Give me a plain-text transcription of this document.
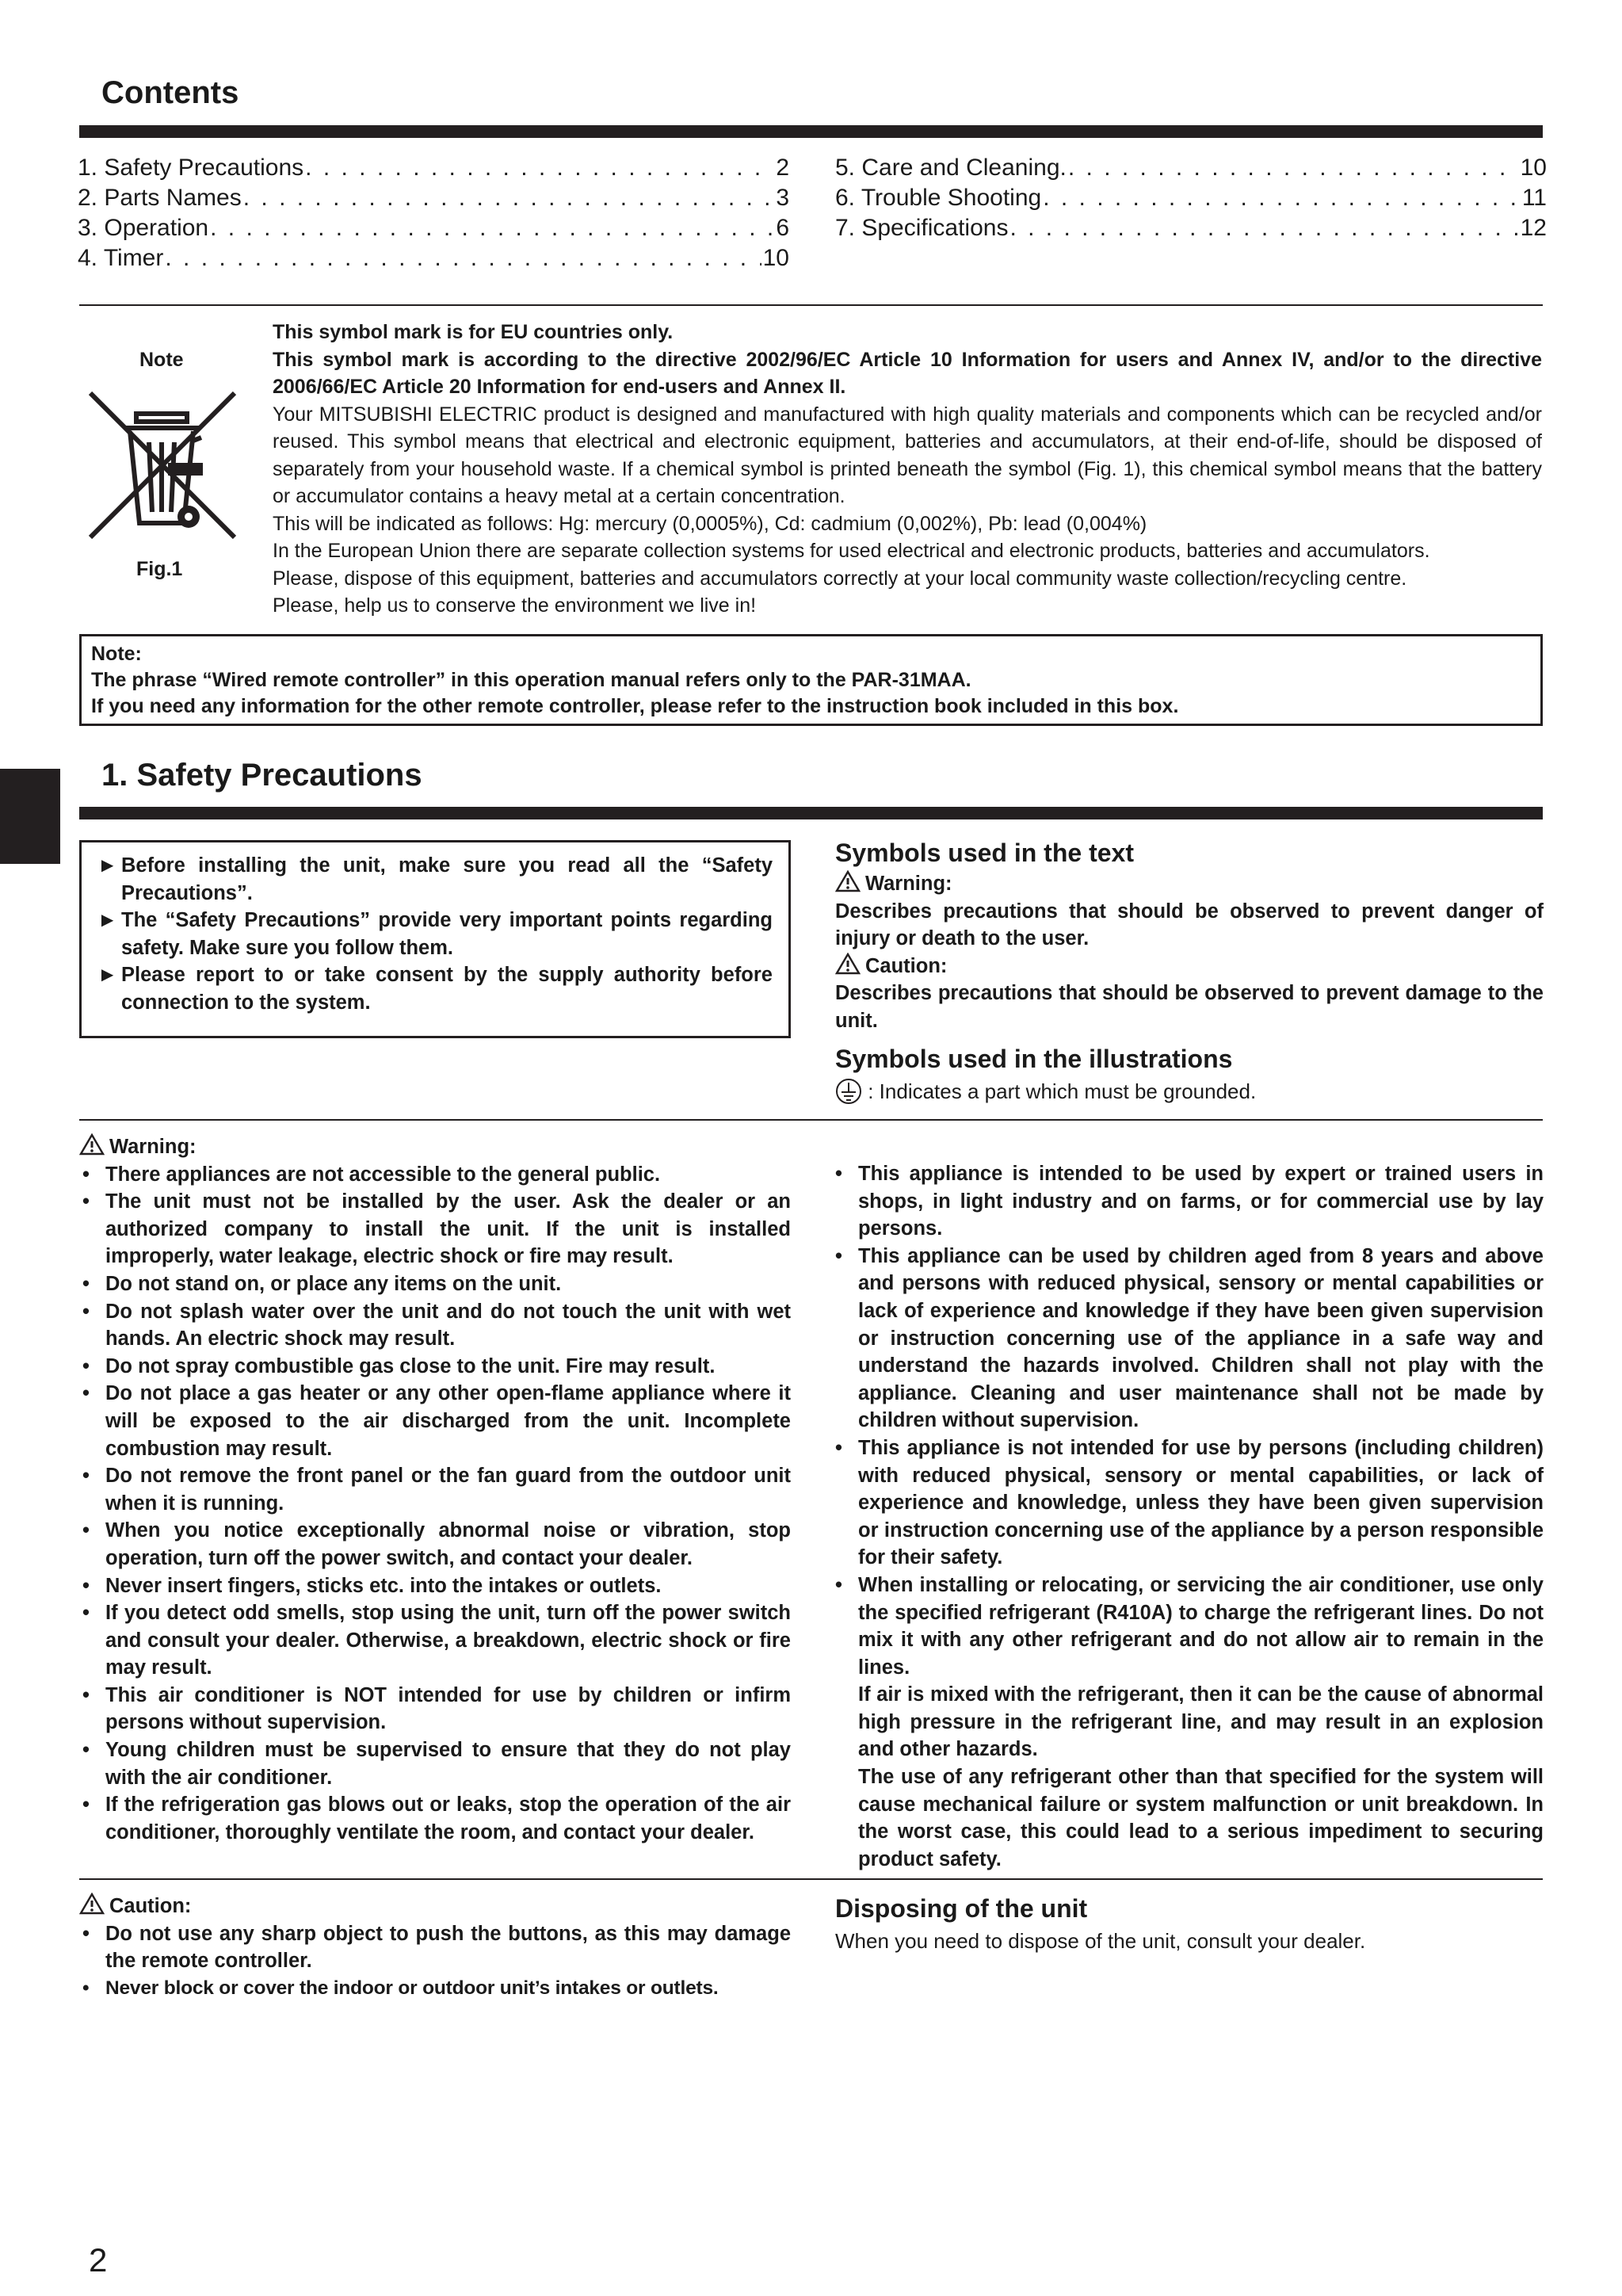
Contents
1. Safety Precautions . . .	2
2. Parts Names . . .	3
3. Operation . . .	6
4. Timer . . .	10
5. Care and Cleaning. . . .	10
6. Trouble Shooting . . .	11
7. Specifications . . .	12
Note
Fig.1
This symbol mark is for EU countries only.
This symbol mark is according to the directive 2002/96/EC Article 10 Information for users and Annex IV, and/or to the directive 2006/66/EC Article 20 Information for end-users and Annex II.
Your MITSUBISHI ELECTRIC product is designed and manufactured with high quality materials and components which can be recycled and/or reused. This symbol means that electrical and electronic equipment, batteries and accumulators, at their end-of-life, should be disposed of separately from your household waste. If a chemical symbol is printed beneath the symbol (Fig. 1), this chemical symbol means that the battery or accumulator contains a heavy metal at a certain concentration.
This will be indicated as follows: Hg: mercury (0,0005%), Cd: cadmium (0,002%), Pb: lead (0,004%)
In the European Union there are separate collection systems for used electrical and electronic products, batteries and accumulators.
Please, dispose of this equipment, batteries and accumulators correctly at your local community waste collection/recycling centre.
Please, help us to conserve the environment we live in!
Note:
The phrase “Wired remote controller” in this operation manual refers only to the PAR-31MAA.
If you need any information for the other remote controller, please refer to the instruction book included in this box.
1. Safety Precautions
► Before installing the unit, make sure you read all the “Safety Precautions”.
► The “Safety Precautions” provide very important points regarding safety. Make sure you follow them.
► Please report to or take consent by the supply authority before connection to the system.
Symbols used in the text
Warning:
Describes precautions that should be observed to prevent danger of injury or death to the user.
Caution:
Describes precautions that should be observed to prevent damage to the unit.
Symbols used in the illustrations
: Indicates a part which must be grounded.
Warning:
• There appliances are not accessible to the general public.
• The unit must not be installed by the user. Ask the dealer or an authorized company to install the unit. If the unit is installed improperly, water leakage, electric shock or fire may result.
• Do not stand on, or place any items on the unit.
• Do not splash water over the unit and do not touch the unit with wet hands. An electric shock may result.
• Do not spray combustible gas close to the unit. Fire may result.
• Do not place a gas heater or any other open-flame appliance where it will be exposed to the air discharged from the unit. Incomplete combustion may result.
• Do not remove the front panel or the fan guard from the outdoor unit when it is running.
• When you notice exceptionally abnormal noise or vibration, stop operation, turn off the power switch, and contact your dealer.
• Never insert fingers, sticks etc. into the intakes or outlets.
• If you detect odd smells, stop using the unit, turn off the power switch and consult your dealer. Otherwise, a breakdown, electric shock or fire may result.
• This air conditioner is NOT intended for use by children or infirm persons without supervision.
• Young children must be supervised to ensure that they do not play with the air conditioner.
• If the refrigeration gas blows out or leaks, stop the operation of the air conditioner, thoroughly ventilate the room, and contact your dealer.
• This appliance is intended to be used by expert or trained users in shops, in light industry and on farms, or for commercial use by lay persons.
• This appliance can be used by children aged from 8 years and above and persons with reduced physical, sensory or mental capabilities or lack of experience and knowledge if they have been given supervision or instruction concerning use of the appliance in a safe way and understand the hazards involved. Children shall not play with the appliance. Cleaning and user maintenance shall not be made by children without supervision.
• This appliance is not intended for use by persons (including children) with reduced physical, sensory or mental capabilities, or lack of experience and knowledge, unless they have been given supervision or instruction concerning use of the appliance by a person responsible for their safety.
• When installing or relocating, or servicing the air conditioner, use only the specified refrigerant (R410A) to charge the refrigerant lines. Do not mix it with any other refrigerant and do not allow air to remain in the lines.
If air is mixed with the refrigerant, then it can be the cause of abnormal high pressure in the refrigerant line, and may result in an explosion and other hazards.
The use of any refrigerant other than that specified for the system will cause mechanical failure or system malfunction or unit breakdown. In the worst case, this could lead to a serious impediment to securing product safety.
Caution:
• Do not use any sharp object to push the buttons, as this may damage the remote controller.
• Never block or cover the indoor or outdoor unit’s intakes or outlets.
Disposing of the unit
When you need to dispose of the unit, consult your dealer.
2
